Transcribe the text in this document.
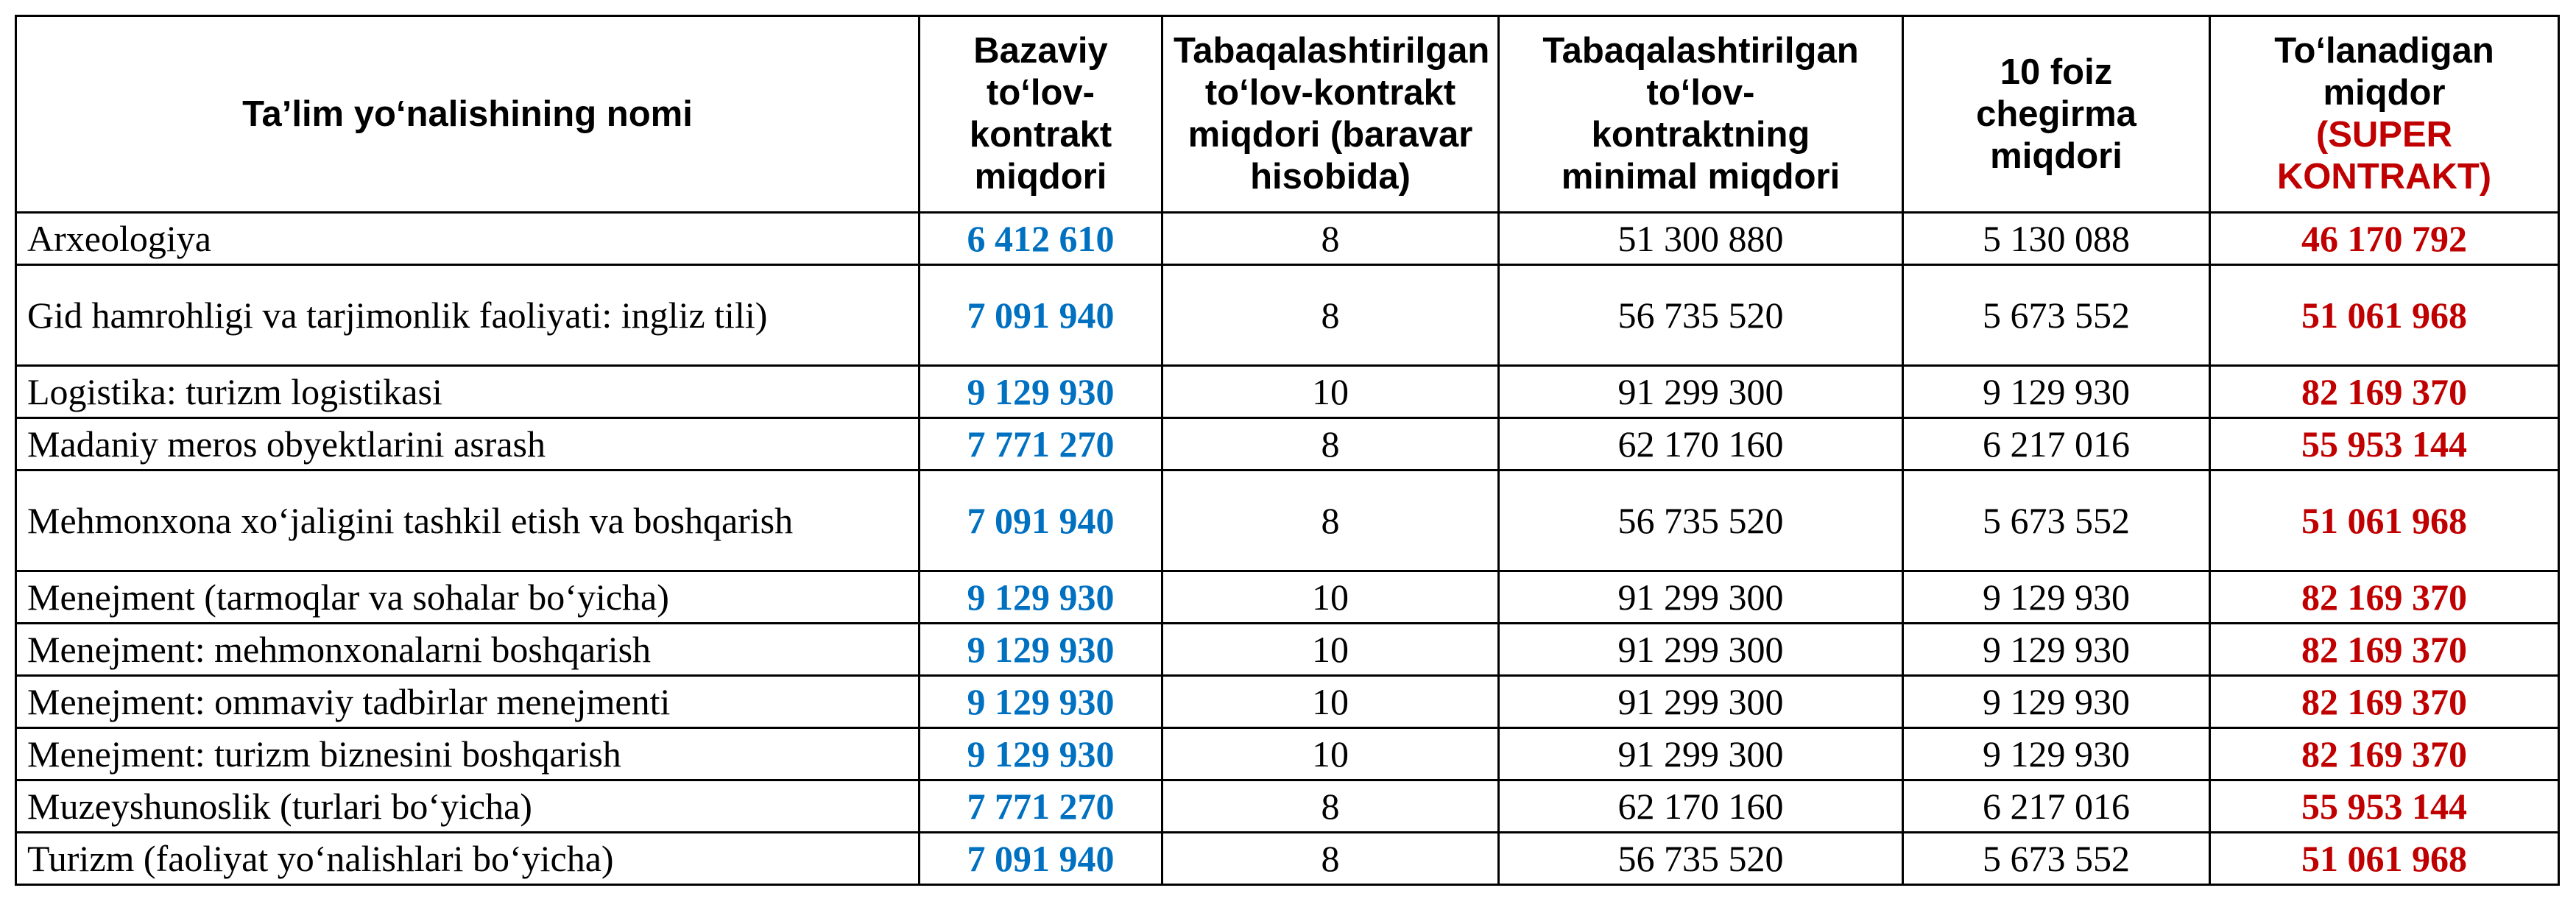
Ta’lim yo‘nalishining nomi	Bazaviy
to‘lov-
kontrakt
miqdori	Tabaqalashtirilgan
to‘lov-kontrakt
miqdori (baravar
hisobida)	Tabaqalashtirilgan
to‘lov-
kontraktning
minimal miqdori	10 foiz
chegirma
miqdori	To‘lanadigan
miqdor
(SUPER
KONTRAKT)
Arxeologiya	6 412 610	8	51 300 880	5 130 088	46 170 792
Gid hamrohligi va tarjimonlik faoliyati: ingliz tili)	7 091 940	8	56 735 520	5 673 552	51 061 968
Logistika: turizm logistikasi	9 129 930	10	91 299 300	9 129 930	82 169 370
Madaniy meros obyektlarini asrash	7 771 270	8	62 170 160	6 217 016	55 953 144
Mehmonxona xo‘jaligini tashkil etish va boshqarish	7 091 940	8	56 735 520	5 673 552	51 061 968
Menejment (tarmoqlar va sohalar bo‘yicha)	9 129 930	10	91 299 300	9 129 930	82 169 370
Menejment: mehmonxonalarni boshqarish	9 129 930	10	91 299 300	9 129 930	82 169 370
Menejment: ommaviy tadbirlar menejmenti	9 129 930	10	91 299 300	9 129 930	82 169 370
Menejment: turizm biznesini boshqarish	9 129 930	10	91 299 300	9 129 930	82 169 370
Muzeyshunoslik (turlari bo‘yicha)	7 771 270	8	62 170 160	6 217 016	55 953 144
Turizm (faoliyat yo‘nalishlari bo‘yicha)	7 091 940	8	56 735 520	5 673 552	51 061 968
